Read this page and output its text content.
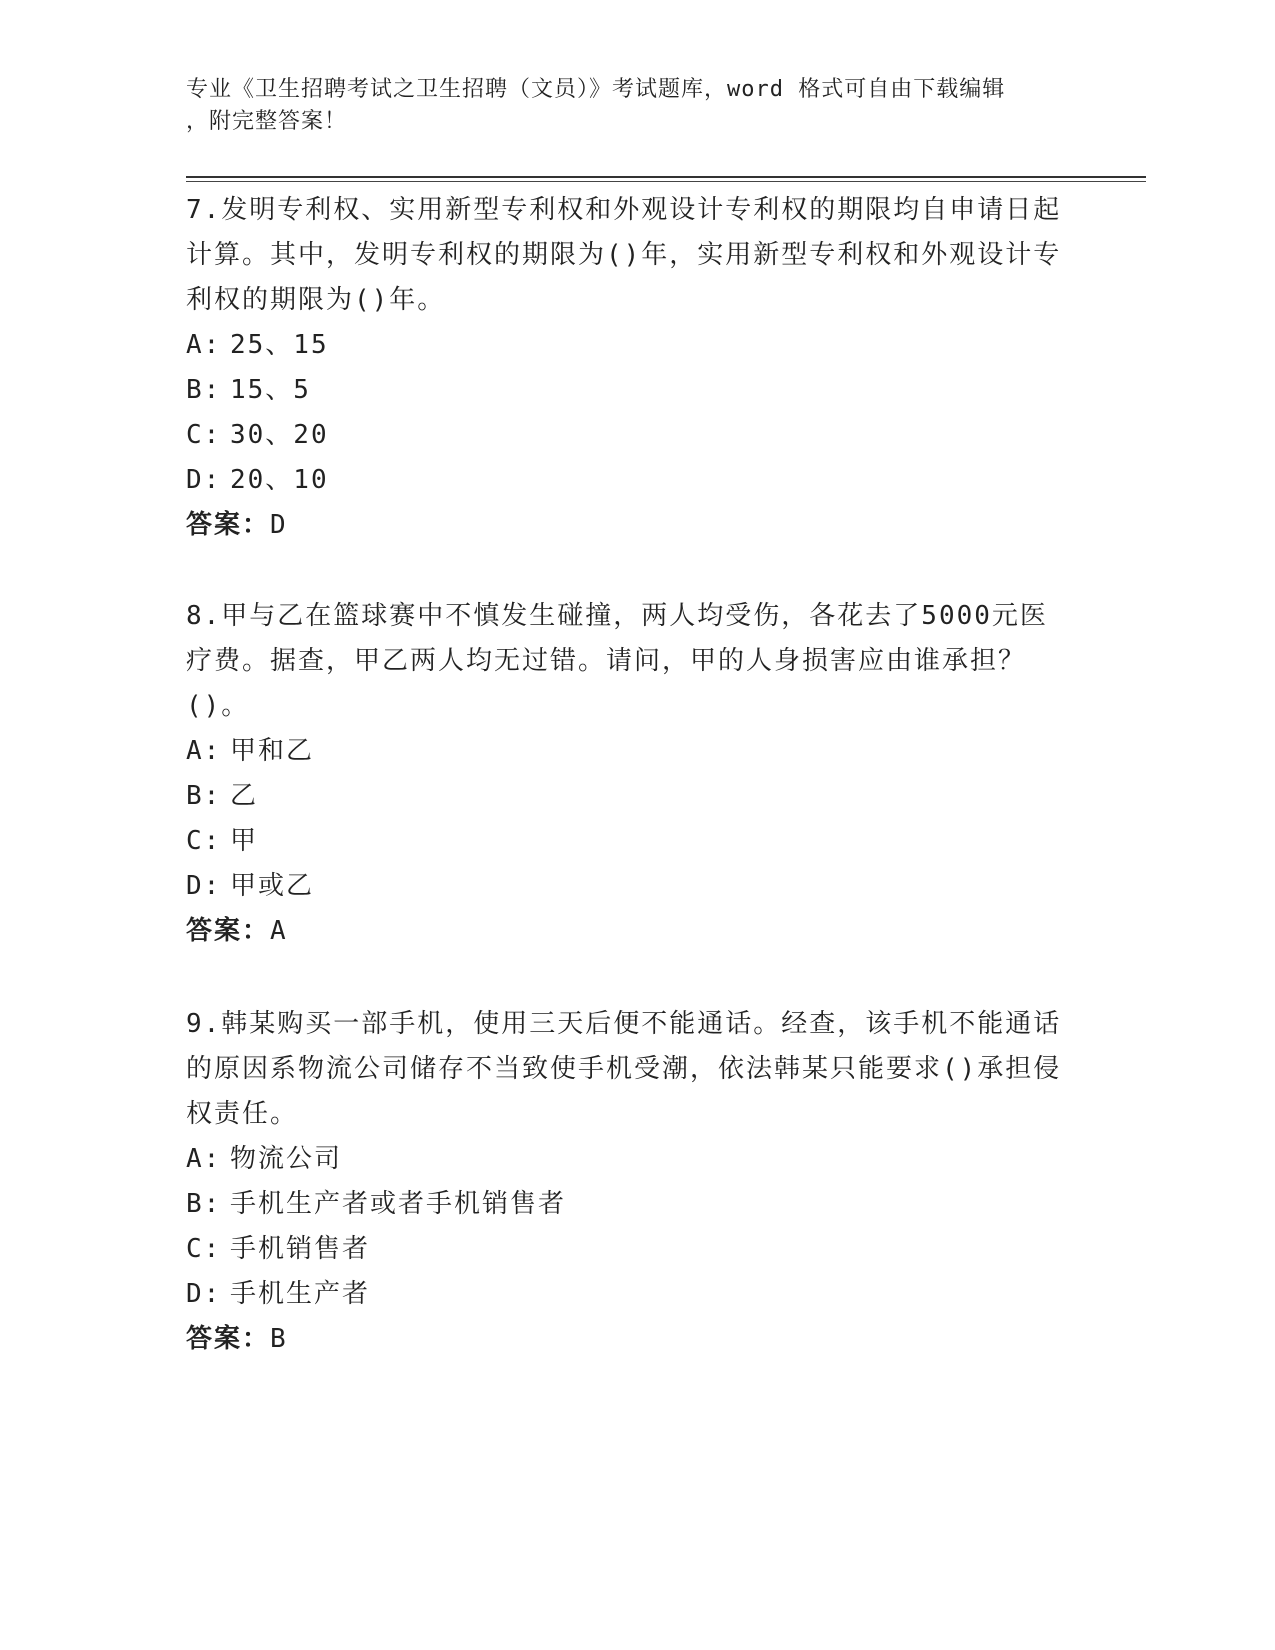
专业《卫生招聘考试之卫生招聘（文员）》考试题库，word 格式可自由下载编辑
，附完整答案！

7.发明专利权、实用新型专利权和外观设计专利权的期限均自申请日起计算。其中，发明专利权的期限为()年，实用新型专利权和外观设计专利权的期限为()年。

A: 25、15

B: 15、5

C: 30、20

D: 20、10

答案：D

8.甲与乙在篮球赛中不慎发生碰撞，两人均受伤，各花去了5000元医疗费。据查，甲乙两人均无过错。请问，甲的人身损害应由谁承担？()。

A: 甲和乙

B: 乙

C: 甲

D: 甲或乙

答案：A

9.韩某购买一部手机，使用三天后便不能通话。经查，该手机不能通话的原因系物流公司储存不当致使手机受潮，依法韩某只能要求()承担侵权责任。

A: 物流公司

B: 手机生产者或者手机销售者

C: 手机销售者

D: 手机生产者

答案：B
